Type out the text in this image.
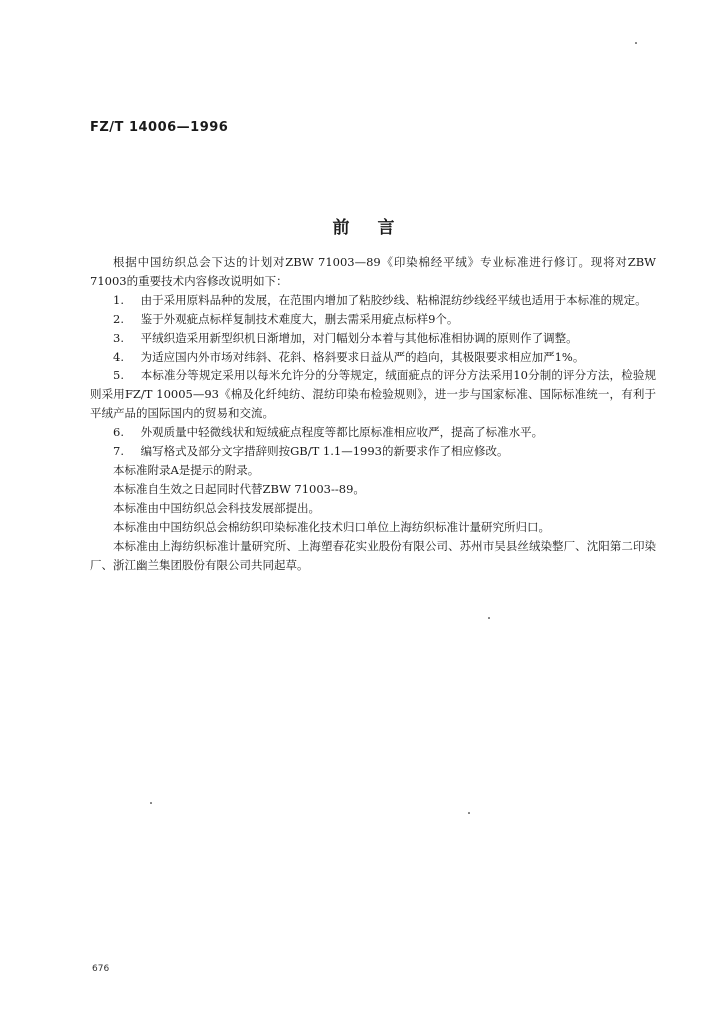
FZ/T 14006—1996
前言

根据中国纺织总会下达的计划对ZBW 71003—89《印染棉经平绒》专业标准进行修订。现将对ZBW 71003的重要技术内容修改说明如下：

1. 由于采用原料品种的发展，在范围内增加了粘胶纱线、粘棉混纺纱线经平绒也适用于本标准的规定。

2. 鉴于外观疵点标样复制技术难度大，删去需采用疵点标样9个。

3. 平绒织造采用新型织机日渐增加，对门幅划分本着与其他标准相协调的原则作了调整。

4. 为适应国内外市场对纬斜、花斜、格斜要求日益从严的趋向，其极限要求相应加严1%。

5. 本标准分等规定采用以每米允许分的分等规定，绒面疵点的评分方法采用10分制的评分方法，检验规则采用FZ/T 10005—93《棉及化纤纯纺、混纺印染布检验规则》，进一步与国家标准、国际标准统一，有利于平绒产品的国际国内的贸易和交流。

6. 外观质量中轻微线状和短绒疵点程度等都比原标准相应收严，提高了标准水平。

7. 编写格式及部分文字措辞则按GB/T 1.1—1993的新要求作了相应修改。

本标准附录A是提示的附录。

本标准自生效之日起同时代替ZBW 71003--89。

本标准由中国纺织总会科技发展部提出。

本标准由中国纺织总会棉纺织印染标准化技术归口单位上海纺织标准计量研究所归口。

本标准由上海纺织标准计量研究所、上海塑春花实业股份有限公司、苏州市吴县丝绒染整厂、沈阳第二印染厂、浙江幽兰集团股份有限公司共同起草。

676
